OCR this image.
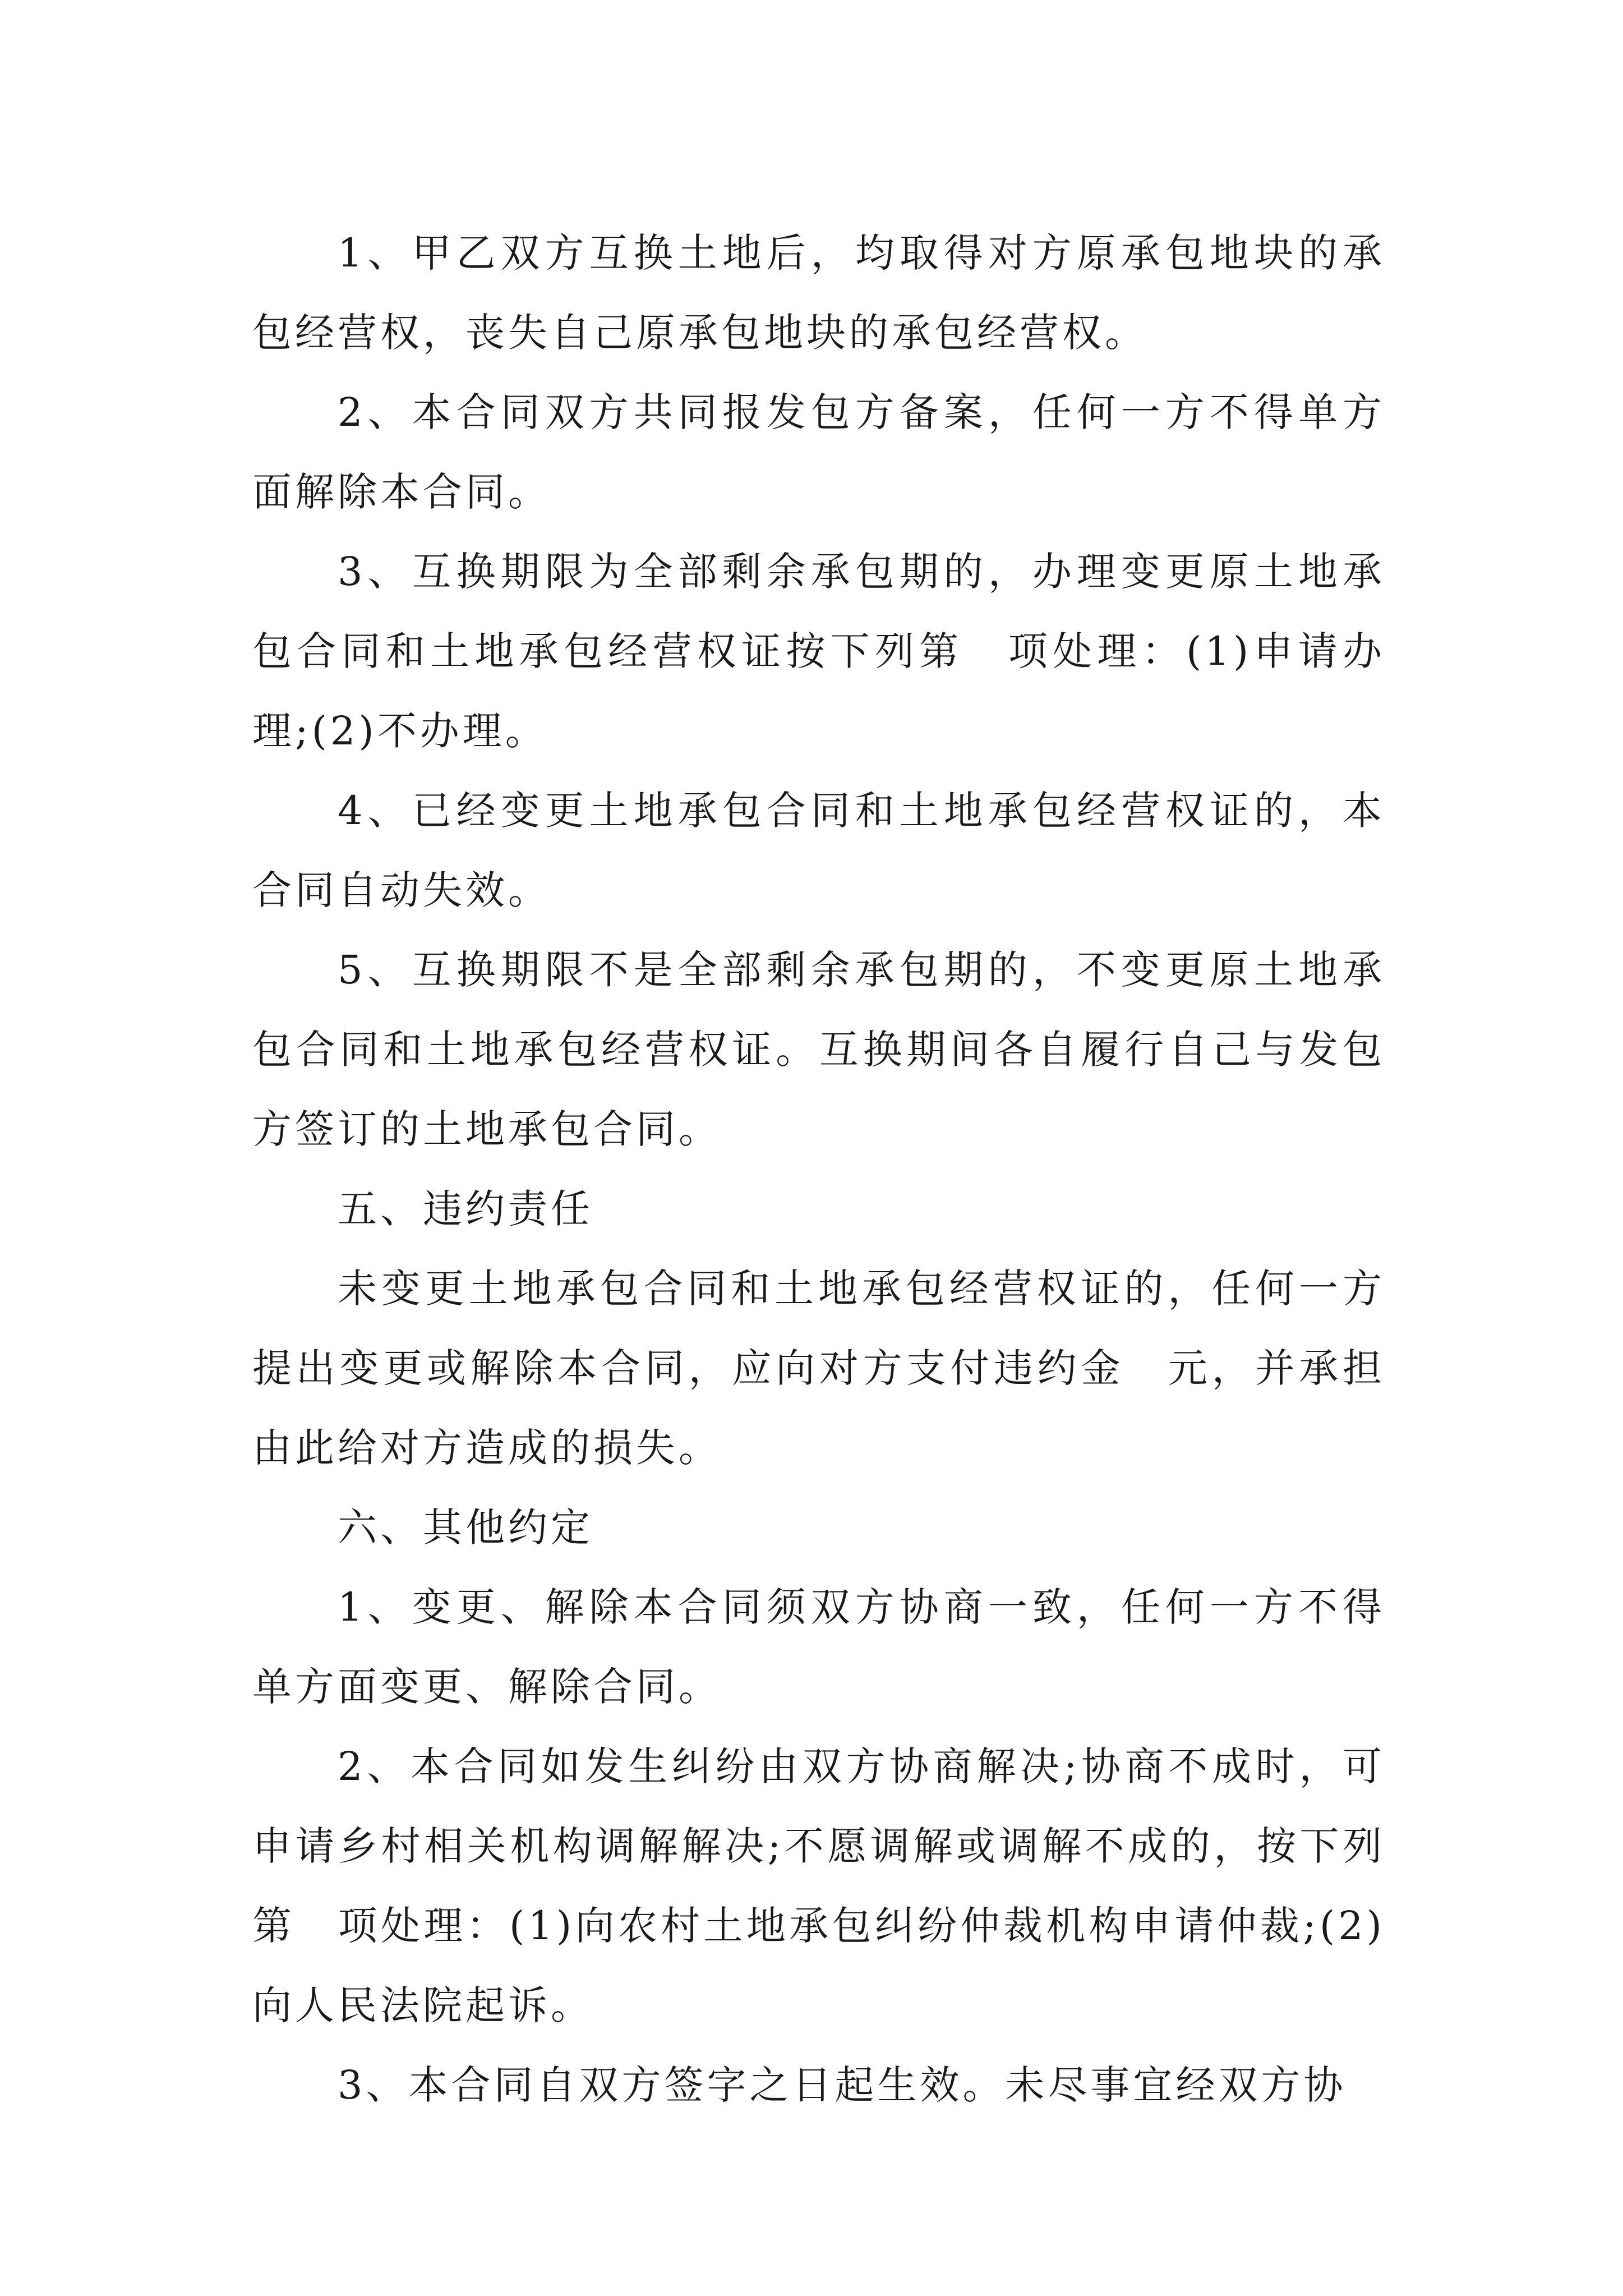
1、甲乙双方互换土地后，均取得对方原承包地块的承包经营权，丧失自己原承包地块的承包经营权。

2、本合同双方共同报发包方备案，任何一方不得单方面解除本合同。

3、互换期限为全部剩余承包期的，办理变更原土地承包合同和土地承包经营权证按下列第　项处理：(1)申请办理;(2)不办理。

4、已经变更土地承包合同和土地承包经营权证的，本合同自动失效。

5、互换期限不是全部剩余承包期的，不变更原土地承包合同和土地承包经营权证。互换期间各自履行自己与发包方签订的土地承包合同。

五、违约责任

未变更土地承包合同和土地承包经营权证的，任何一方提出变更或解除本合同，应向对方支付违约金　元，并承担由此给对方造成的损失。

六、其他约定

1、变更、解除本合同须双方协商一致，任何一方不得单方面变更、解除合同。

2、本合同如发生纠纷由双方协商解决;协商不成时，可申请乡村相关机构调解解决;不愿调解或调解不成的，按下列第　项处理：(1)向农村土地承包纠纷仲裁机构申请仲裁;(2)向人民法院起诉。

3、本合同自双方签字之日起生效。未尽事宜经双方协
